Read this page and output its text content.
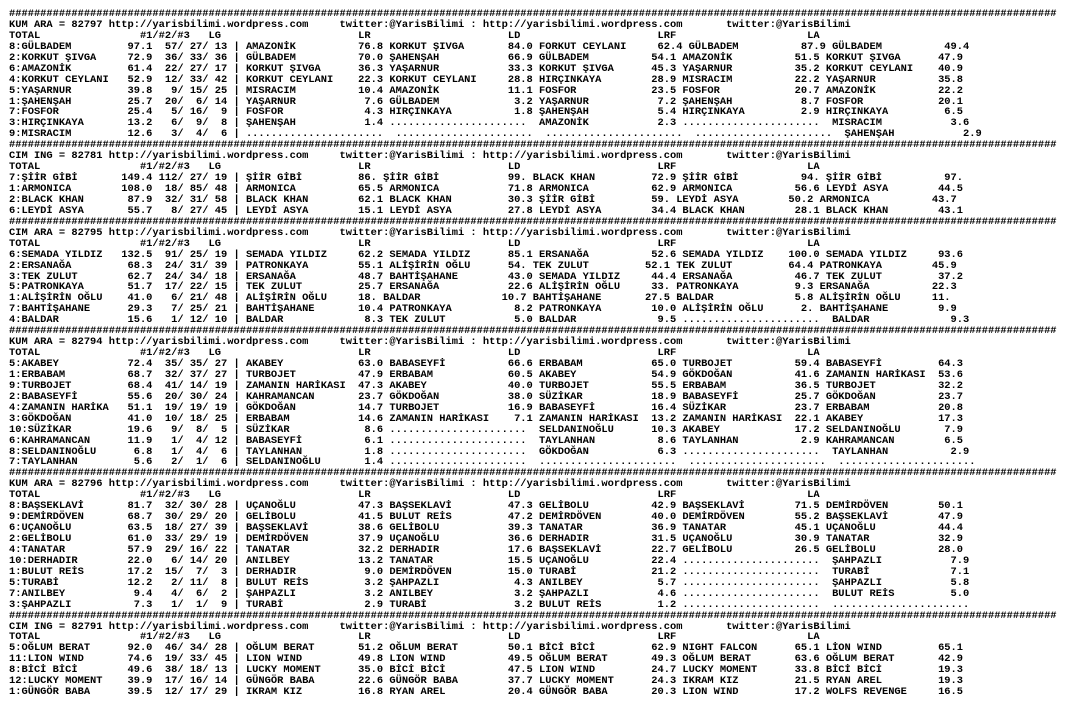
########################################################################################################################################################################
KUM ARA = 82797 http://yarisbilimi.wordpress.com     twitter:@YarisBilimi : http://yarisbilimi.wordpress.com       twitter:@YarisBilimi
TOTAL                #1/#2/#3   LG                      LR                      LD                      LRF                     LA
8:GÜLBADEM         97.1  57/ 27/ 13 | AMAZONİK          76.8 KORKUT ŞIVGA       84.0 FORKUT CEYLANI     62.4 GÜLBADEM          87.9 GÜLBADEM          49.4
2:KORKUT ŞIVGA     72.9  36/ 33/ 36 | GÜLBADEM          70.0 ŞAHENŞAH           66.9 GÜLBADEM          54.1 AMAZONİK          51.5 KORKUT ŞIVGA      47.9
6:AMAZONİK         61.4  22/ 27/ 17 | KORKUT ŞIVGA      36.3 YAŞARNUR           33.3 KORKUT ŞIVGA      45.3 YAŞARNUR          35.2 KORKUT CEYLANI    40.9
4:KORKUT CEYLANI   52.9  12/ 33/ 42 | KORKUT CEYLANI    22.3 KORKUT CEYLANI     28.8 HIRÇINKAYA        28.9 MISRACIM          22.2 YAŞARNUR          35.8
5:YAŞARNUR         39.8   9/ 15/ 25 | MISRACIM          10.4 AMAZONİK           11.1 FOSFOR            23.5 FOSFOR            20.7 AMAZONİK          22.2
1:ŞAHENŞAH         25.7  20/  6/ 14 | YAŞARNUR           7.6 GÜLBADEM            3.2 YAŞARNUR           7.2 ŞAHENŞAH           8.7 FOSFOR            20.1
7:FOSFOR           25.4   5/ 16/  9 | FOSFOR             4.3 HIRÇINKAYA          1.8 ŞAHENŞAH           5.4 HIRÇINKAYA         2.9 HIRÇINKAYA         6.5
3:HIRÇINKAYA       13.2   6/  9/  8 | ŞAHENŞAH           1.4 ......................  AMAZONİK           2.3 ......................  MISRACIM           3.6
9:MISRACIM         12.6   3/  4/  6 | ......................  ......................  ......................  ......................  ŞAHENŞAH           2.9
########################################################################################################################################################################
CIM ING = 82781 http://yarisbilimi.wordpress.com     twitter:@YarisBilimi : http://yarisbilimi.wordpress.com       twitter:@YarisBilimi
TOTAL                #1/#2/#3   LG                      LR                      LD                      LRF                     LA
7:ŞİİR GİBİ       149.4 112/ 27/ 19 | ŞİİR GİBİ         86. ŞİİR GİBİ           99. BLACK KHAN         72.9 ŞİİR GİBİ          94. ŞİİR GİBİ          97.
1:ARMONICA        108.0  18/ 85/ 48 | ARMONICA          65.5 ARMONICA           71.8 ARMONICA          62.9 ARMONICA          56.6 LEYDİ ASYA        44.5
2:BLACK KHAN       87.9  32/ 31/ 58 | BLACK KHAN        62.1 BLACK KHAN         30.3 ŞİİR GİBİ         59. LEYDİ ASYA        50.2 ARMONICA          43.7
6:LEYDİ ASYA       55.7   8/ 27/ 45 | LEYDİ ASYA        15.1 LEYDİ ASYA         27.8 LEYDİ ASYA        34.4 BLACK KHAN        28.1 BLACK KHAN        43.1
########################################################################################################################################################################
CIM ARA = 82795 http://yarisbilimi.wordpress.com     twitter:@YarisBilimi : http://yarisbilimi.wordpress.com       twitter:@YarisBilimi
TOTAL                #1/#2/#3   LG                      LR                      LD                      LRF                     LA
6:SEMADA YILDIZ   132.5  91/ 25/ 19 | SEMADA YILDIZ     62.2 SEMADA YILDIZ      85.1 ERSANAĞA          52.6 SEMADA YILDIZ    100.0 SEMADA YILDIZ     93.6
2:ERSANAĞA         68.3  24/ 31/ 39 | PATRONKAYA        55.1 ALİŞİRİN OĞLU      54. TEK ZULUT         52.1 TEK ZULUT         64.4 PATRONKAYA        45.9
3:TEK ZULUT        62.7  24/ 34/ 18 | ERSANAĞA          48.7 BAHTİŞAHANE        43.0 SEMADA YILDIZ     44.4 ERSANAĞA          46.7 TEK ZULUT         37.2
5:PATRONKAYA       51.7  17/ 22/ 15 | TEK ZULUT         25.7 ERSANAĞA           22.6 ALİŞİRİN OĞLU     33. PATRONKAYA         9.3 ERSANAĞA          22.3
1:ALİŞİRİN OĞLU    41.0   6/ 21/ 48 | ALİŞİRİN OĞLU     18. BALDAR             10.7 BAHTİŞAHANE       27.5 BALDAR             5.8 ALİŞİRİN OĞLU     11.
7:BAHTİŞAHANE      29.3   7/ 25/ 21 | BAHTİŞAHANE       10.4 PATRONKAYA          8.2 PATRONKAYA        10.0 ALİŞİRİN OĞLU      2. BAHTİŞAHANE        9.9
4:BALDAR           15.6   1/ 12/ 10 | BALDAR             8.3 TEK ZULUT           5.0 BALDAR             9.5 ......................  BALDAR             9.3
########################################################################################################################################################################
KUM ARA = 82794 http://yarisbilimi.wordpress.com     twitter:@YarisBilimi : http://yarisbilimi.wordpress.com       twitter:@YarisBilimi
TOTAL                #1/#2/#3   LG                      LR                      LD                      LRF                     LA
5:AKABEY           72.4  35/ 35/ 27 | AKABEY            63.0 BABASEYFİ          66.6 ERBABAM           65.0 TURBOJET          59.4 BABASEYFİ         64.3
1:ERBABAM          68.7  32/ 37/ 27 | TURBOJET          47.9 ERBABAM            60.5 AKABEY            54.9 GÖKDOĞAN          41.6 ZAMANIN HARİKASI  53.6
9:TURBOJET         68.4  41/ 14/ 19 | ZAMANIN HARİKASI  47.3 AKABEY             40.0 TURBOJET          55.5 ERBABAM           36.5 TURBOJET          32.2
2:BABASEYFİ        55.6  20/ 30/ 24 | KAHRAMANCAN       23.7 GÖKDOĞAN           38.0 SÜZİKAR           18.9 BABASEYFİ         25.7 GÖKDOĞAN          23.7
4:ZAMANIN HARİKA   51.1  19/ 19/ 19 | GÖKDOĞAN          14.7 TURBOJET           16.9 BABASEYFİ         16.4 SÜZİKAR           23.7 ERBABAM           20.8
3:GÖKDOĞAN         41.0  10/ 18/ 25 | ERBABAM           14.6 ZAMANIN HARİKASI    7.1 ZAMANIN HARİKASI  13.2 ZAMANIN HARİKASI  22.1 AKABEY            17.3
10:SÜZİKAR         19.6   9/  8/  5 | SÜZİKAR            8.6 ......................  SELDANINOĞLU      10.3 AKABEY            17.2 SELDANINOĞLU       7.9
6:KAHRAMANCAN      11.9   1/  4/ 12 | BABASEYFİ          6.1 ......................  TAYLANHAN          8.6 TAYLANHAN          2.9 KAHRAMANCAN        6.5
8:SELDANINOĞLU      6.8   1/  4/  6 | TAYLANHAN          1.8 ......................  GÖKDOĞAN           6.3 ......................  TAYLANHAN          2.9
7:TAYLANHAN         5.6   2/  1/  6 | SELDANINOĞLU       1.4 ......................  ......................  ......................  ......................
########################################################################################################################################################################
KUM ARA = 82796 http://yarisbilimi.wordpress.com     twitter:@YarisBilimi : http://yarisbilimi.wordpress.com       twitter:@YarisBilimi
TOTAL                #1/#2/#3   LG                      LR                      LD                      LRF                     LA
8:BAŞSEKLAVİ       81.7  32/ 30/ 28 | UÇANOĞLU          47.3 BAŞSEKLAVİ         47.3 GELİBOLU          42.9 BAŞSEKLAVİ        71.5 DEMİRDÖVEN        50.1
9:DEMİRDÖVEN       68.7  30/ 29/ 20 | GELİBOLU          41.5 BULUT REİS         47.2 DEMİRDÖVEN        40.0 DEMİRDÖVEN        55.2 BAŞSEKLAVİ        47.9
6:UÇANOĞLU         63.5  18/ 27/ 39 | BAŞSEKLAVİ        38.6 GELİBOLU           39.3 TANATAR           36.9 TANATAR           45.1 UÇANOĞLU          44.4
2:GELİBOLU         61.0  33/ 29/ 19 | DEMİRDÖVEN        37.9 UÇANOĞLU           36.6 DERHADIR          31.5 UÇANOĞLU          30.9 TANATAR           32.9
4:TANATAR          57.9  29/ 16/ 22 | TANATAR           32.2 DERHADIR           17.6 BAŞSEKLAVİ        22.7 GELİBOLU          26.5 GELİBOLU          28.0
10:DERHADIR        22.0   6/ 14/ 20 | ANILBEY           13.2 TANATAR            15.5 UÇANOĞLU          22.4 ......................  ŞAHPAZLI           7.9
1:BULUT REİS       17.2  15/  7/  3 | DERHADIR           9.0 DEMİRDÖVEN         15.0 TURABİ            21.2 ......................  TURABİ             7.1
5:TURABİ           12.2   2/ 11/  8 | BULUT REİS         3.2 ŞAHPAZLI            4.3 ANILBEY            5.7 ......................  ŞAHPAZLI           5.8
7:ANILBEY           9.4   4/  6/  2 | ŞAHPAZLI           3.2 ANILBEY             3.2 ŞAHPAZLI           4.6 ......................  BULUT REİS         5.0
3:ŞAHPAZLI          7.3   1/  1/  9 | TURABİ             2.9 TURABİ              3.2 BULUT REİS         1.2 ......................  ......................
########################################################################################################################################################################
CIM ING = 82791 http://yarisbilimi.wordpress.com     twitter:@YarisBilimi : http://yarisbilimi.wordpress.com       twitter:@YarisBilimi
TOTAL                #1/#2/#3   LG                      LR                      LD                      LRF                     LA
5:OĞLUM BERAT      92.0  46/ 34/ 28 | OĞLUM BERAT       51.2 OĞLUM BERAT        50.1 BİCİ BİCİ         62.9 NIGHT FALCON      65.1 LİON WIND         65.1
11:LION WIND       74.6  19/ 33/ 45 | LION WIND         49.8 LION WIND          49.5 OĞLUM BERAT       49.3 OĞLUM BERAT       63.6 OĞLUM BERAT       42.9
8:BİCİ BİCİ        49.6  38/ 18/ 13 | LUCKY MOMENT      35.0 BİCİ BİCİ          47.5 LION WIND         24.7 LUCKY MOMENT      33.8 BİCİ BİCİ         19.3
12:LUCKY MOMENT    39.9  17/ 16/ 14 | GÜNGÖR BABA       22.6 GÜNGÖR BABA        37.7 LUCKY MOMENT      24.3 IKRAM KIZ         21.5 RYAN AREL         19.3
1:GÜNGÖR BABA      39.5  12/ 17/ 29 | IKRAM KIZ         16.8 RYAN AREL          20.4 GÜNGÖR BABA       20.3 LION WIND         17.2 WOLFS REVENGE     16.5
